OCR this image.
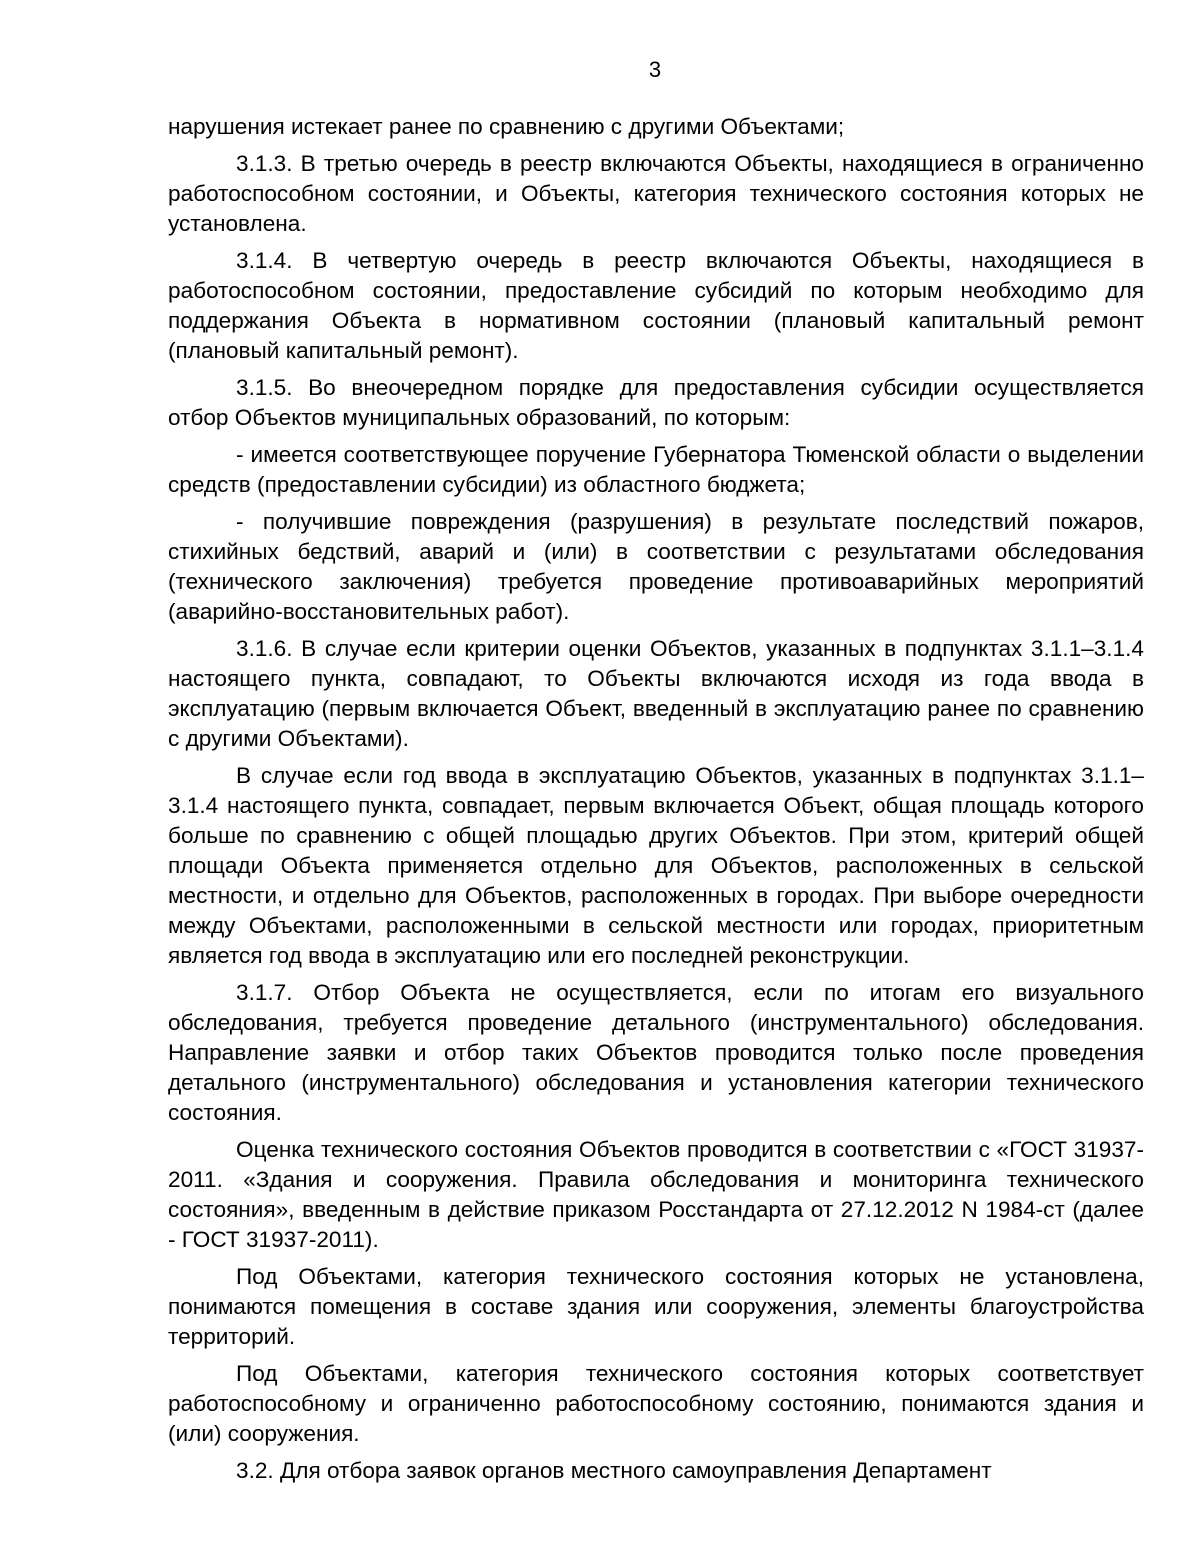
3

нарушения истекает ранее по сравнению с другими Объектами;

3.1.3. В третью очередь в реестр включаются Объекты, находящиеся в ограниченно работоспособном состоянии, и Объекты, категория технического состояния которых не установлена.

3.1.4. В четвертую очередь в реестр включаются Объекты, находящиеся в работоспособном состоянии, предоставление субсидий по которым необходимо для поддержания Объекта в нормативном состоянии (плановый капитальный ремонт (плановый капитальный ремонт).

3.1.5. Во внеочередном порядке для предоставления субсидии осуществляется отбор Объектов муниципальных образований, по которым:

- имеется соответствующее поручение Губернатора Тюменской области о выделении средств (предоставлении субсидии) из областного бюджета;

- получившие повреждения (разрушения) в результате последствий пожаров, стихийных бедствий, аварий и (или) в соответствии с результатами обследования (технического заключения) требуется проведение противоаварийных мероприятий (аварийно-восстановительных работ).

3.1.6. В случае если критерии оценки Объектов, указанных в подпунктах 3.1.1–3.1.4 настоящего пункта, совпадают, то Объекты включаются исходя из года ввода в эксплуатацию (первым включается Объект, введенный в эксплуатацию ранее по сравнению с другими Объектами).

В случае если год ввода в эксплуатацию Объектов, указанных в подпунктах 3.1.1–3.1.4 настоящего пункта, совпадает, первым включается Объект, общая площадь которого больше по сравнению с общей площадью других Объектов. При этом, критерий общей площади Объекта применяется отдельно для Объектов, расположенных в сельской местности, и отдельно для Объектов, расположенных в городах. При выборе очередности между Объектами, расположенными в сельской местности или городах, приоритетным является год ввода в эксплуатацию или его последней реконструкции.

3.1.7. Отбор Объекта не осуществляется, если по итогам его визуального обследования, требуется проведение детального (инструментального) обследования. Направление заявки и отбор таких Объектов проводится только после проведения детального (инструментального) обследования и установления категории технического состояния.

Оценка технического состояния Объектов проводится в соответствии с «ГОСТ 31937-2011. «Здания и сооружения. Правила обследования и мониторинга технического состояния», введенным в действие приказом Росстандарта от 27.12.2012 N 1984-ст (далее - ГОСТ 31937-2011).

Под Объектами, категория технического состояния которых не установлена, понимаются помещения в составе здания или сооружения, элементы благоустройства территорий.

Под Объектами, категория технического состояния которых соответствует работоспособному и ограниченно работоспособному состоянию, понимаются здания и (или) сооружения.

3.2. Для отбора заявок органов местного самоуправления Департамент
